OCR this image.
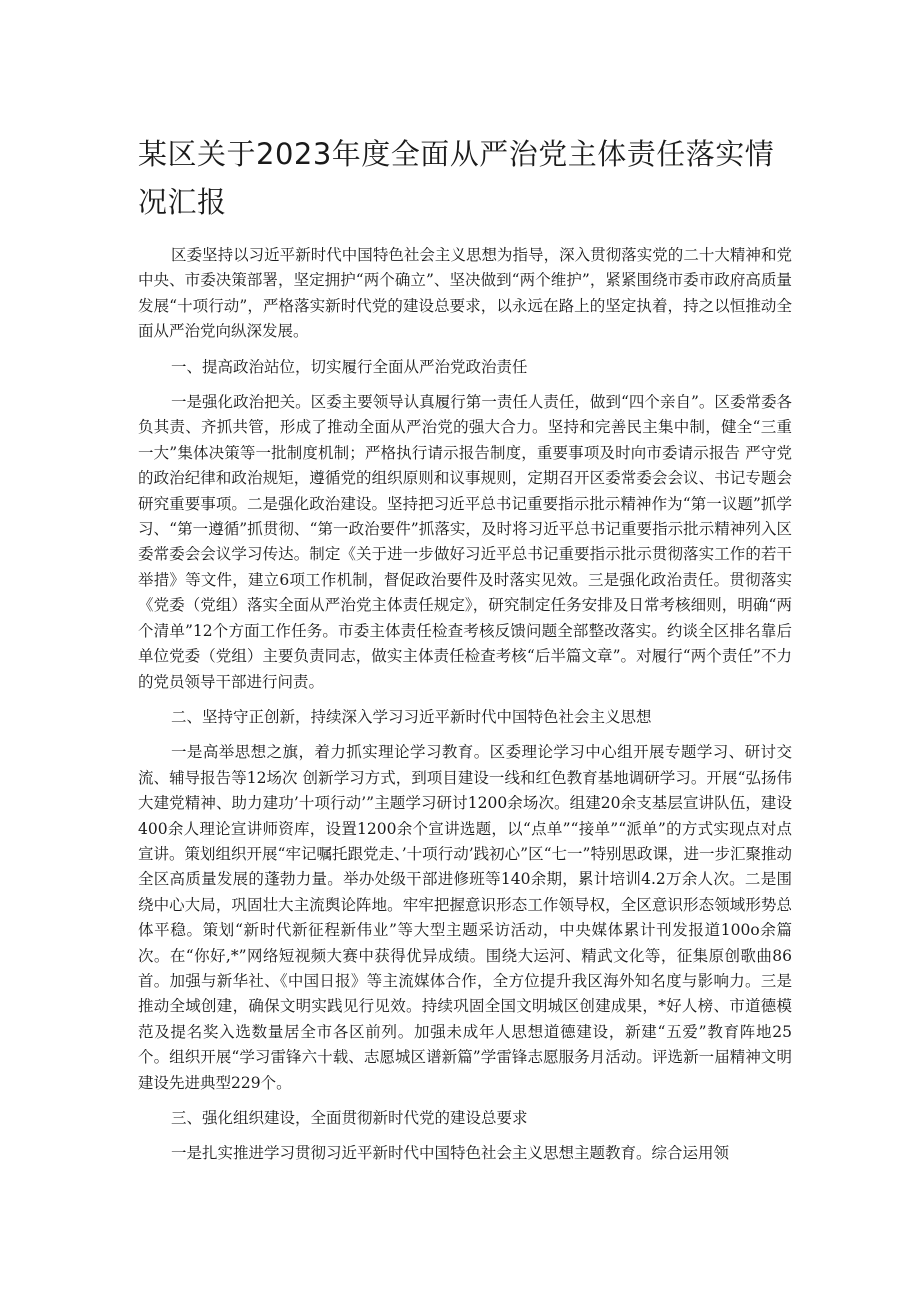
某区关于2023年度全面从严治党主体责任落实情况汇报

区委坚持以习近平新时代中国特色社会主义思想为指导，深入贯彻落实党的二十大精神和党中央、市委决策部署，坚定拥护“两个确立”、坚决做到“两个维护”，紧紧围绕市委市政府高质量发展“十项行动”，严格落实新时代党的建设总要求，以永远在路上的坚定执着，持之以恒推动全面从严治党向纵深发展。

一、提高政治站位，切实履行全面从严治党政治责任

一是强化政治把关。区委主要领导认真履行第一责任人责任，做到“四个亲自”。区委常委各负其责、齐抓共管，形成了推动全面从严治党的强大合力。坚持和完善民主集中制，健全“三重一大”集体决策等一批制度机制；严格执行请示报告制度，重要事项及时向市委请示报告 严守党的政治纪律和政治规矩，遵循党的组织原则和议事规则，定期召开区委常委会会议、书记专题会研究重要事项。二是强化政治建设。坚持把习近平总书记重要指示批示精神作为“第一议题”抓学习、“第一遵循”抓贯彻、“第一政治要件”抓落实，及时将习近平总书记重要指示批示精神列入区委常委会会议学习传达。制定《关于进一步做好习近平总书记重要指示批示贯彻落实工作的若干举措》等文件，建立6项工作机制，督促政治要件及时落实见效。三是强化政治责任。贯彻落实《党委（党组）落实全面从严治党主体责任规定》，研究制定任务安排及日常考核细则，明确“两个清单”12个方面工作任务。市委主体责任检查考核反馈问题全部整改落实。约谈全区排名靠后单位党委（党组）主要负责同志，做实主体责任检查考核“后半篇文章”。对履行“两个责任”不力的党员领导干部进行问责。

二、坚持守正创新，持续深入学习习近平新时代中国特色社会主义思想

一是高举思想之旗，着力抓实理论学习教育。区委理论学习中心组开展专题学习、研讨交流、辅导报告等12场次 创新学习方式，到项目建设一线和红色教育基地调研学习。开展“弘扬伟大建党精神、助力建功’十项行动’”主题学习研讨1200余场次。组建20余支基层宣讲队伍，建设400余人理论宣讲师资库，设置1200余个宣讲选题，以“点单”“接单”“派单”的方式实现点对点宣讲。策划组织开展“牢记嘱托跟党走、’十项行动’践初心”区“七一”特别思政课，进一步汇聚推动全区高质量发展的蓬勃力量。举办处级干部进修班等140余期，累计培训4.2万余人次。二是围绕中心大局，巩固壮大主流舆论阵地。牢牢把握意识形态工作领导权，全区意识形态领域形势总体平稳。策划“新时代新征程新伟业”等大型主题采访活动，中央媒体累计刊发报道100o余篇次。在“你好,*”网络短视频大赛中获得优异成绩。围绕大运河、精武文化等，征集原创歌曲86首。加强与新华社、《中国日报》等主流媒体合作，全方位提升我区海外知名度与影响力。三是推动全域创建，确保文明实践见行见效。持续巩固全国文明城区创建成果，*好人榜、市道德模范及提名奖入选数量居全市各区前列。加强未成年人思想道德建设，新建“五爱”教育阵地25个。组织开展“学习雷锋六十载、志愿城区谱新篇”学雷锋志愿服务月活动。评选新一届精神文明建设先进典型229个。

三、强化组织建设，全面贯彻新时代党的建设总要求

一是扎实推进学习贯彻习近平新时代中国特色社会主义思想主题教育。综合运用领
